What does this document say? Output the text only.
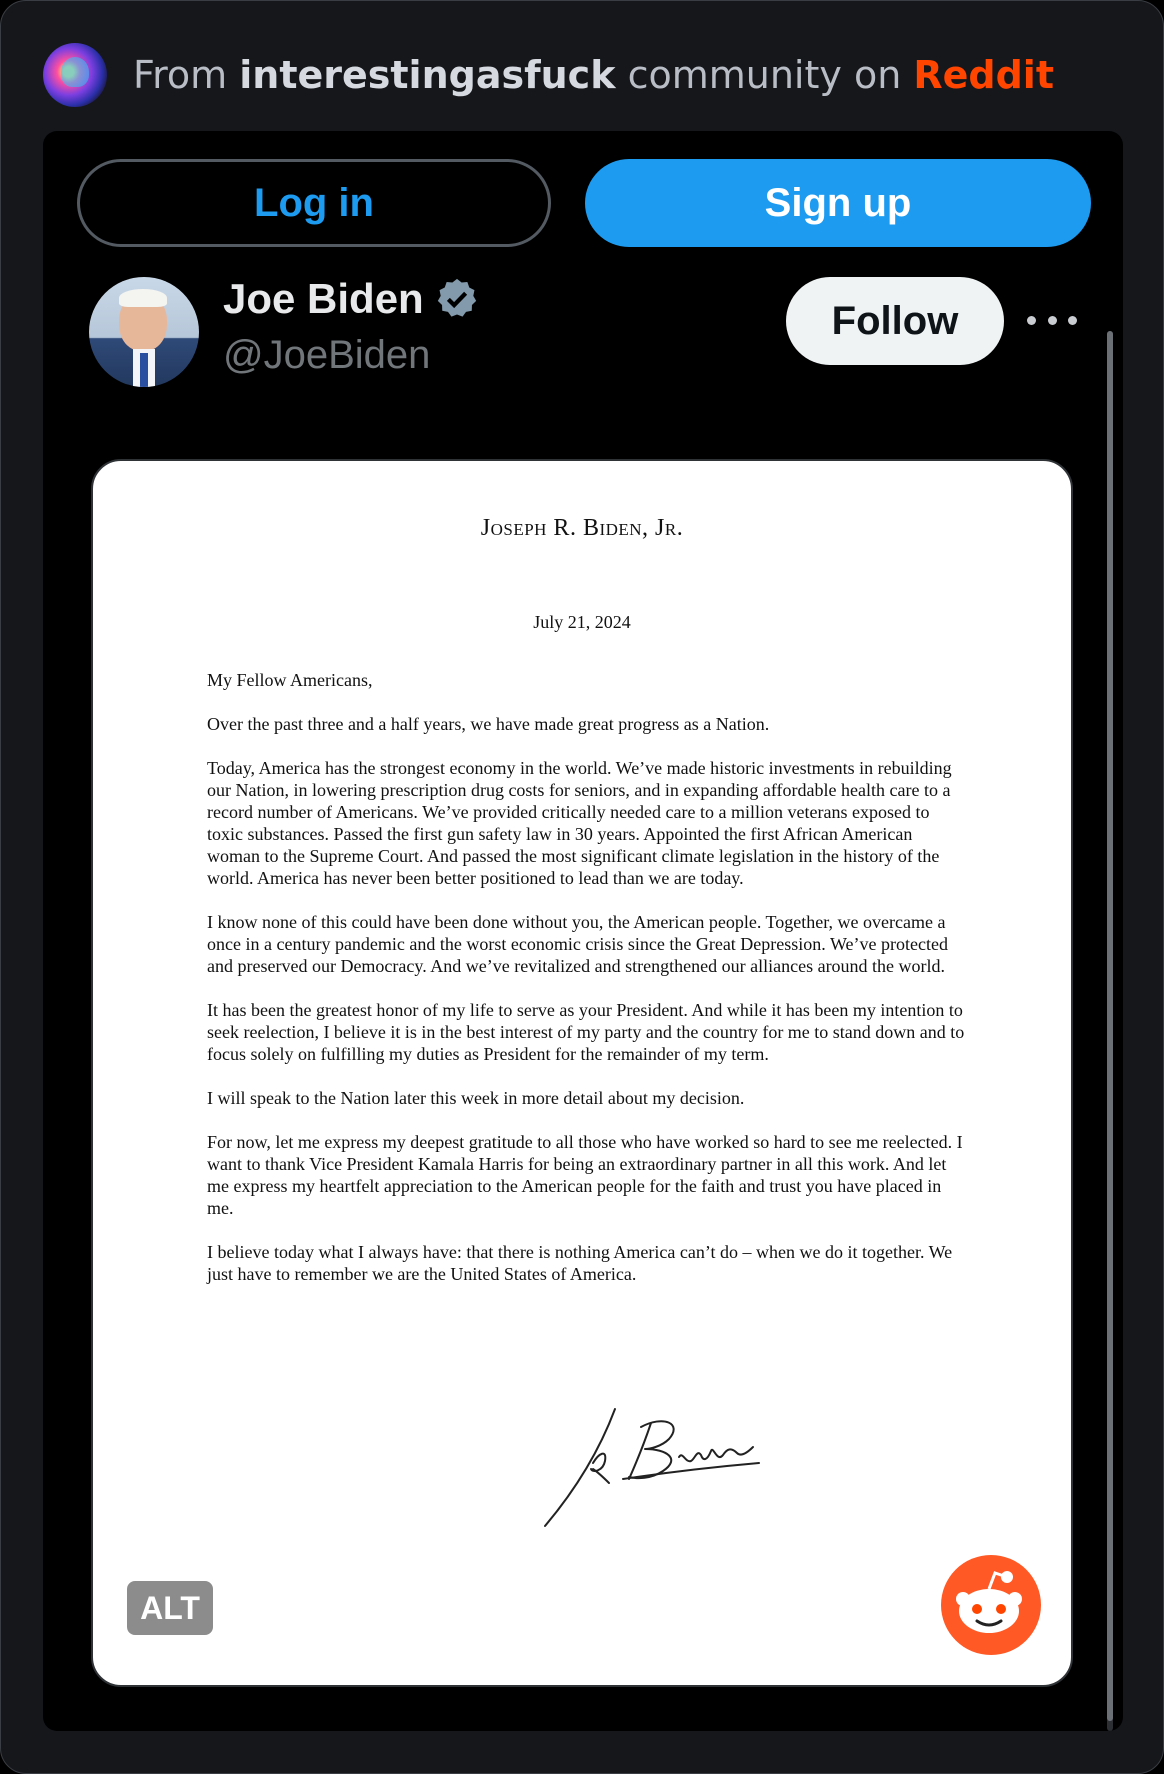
From interestingasfuck community on Reddit
Log in	Sign up
Joe Biden
@JoeBiden
Follow
Joseph R. Biden, Jr.
July 21, 2024

My Fellow Americans,

Over the past three and a half years, we have made great progress as a Nation.

Today, America has the strongest economy in the world. We’ve made historic investments in rebuilding our Nation, in lowering prescription drug costs for seniors, and in expanding affordable health care to a record number of Americans. We’ve provided critically needed care to a million veterans exposed to toxic substances. Passed the first gun safety law in 30 years. Appointed the first African American woman to the Supreme Court. And passed the most significant climate legislation in the history of the world. America has never been better positioned to lead than we are today.

I know none of this could have been done without you, the American people. Together, we overcame a once in a century pandemic and the worst economic crisis since the Great Depression. We’ve protected and preserved our Democracy. And we’ve revitalized and strengthened our alliances around the world.

It has been the greatest honor of my life to serve as your President. And while it has been my intention to seek reelection, I believe it is in the best interest of my party and the country for me to stand down and to focus solely on fulfilling my duties as President for the remainder of my term.

I will speak to the Nation later this week in more detail about my decision.

For now, let me express my deepest gratitude to all those who have worked so hard to see me reelected. I want to thank Vice President Kamala Harris for being an extraordinary partner in all this work. And let me express my heartfelt appreciation to the American people for the faith and trust you have placed in me.

I believe today what I always have: that there is nothing America can’t do – when we do it together. We just have to remember we are the United States of America.

ALT
